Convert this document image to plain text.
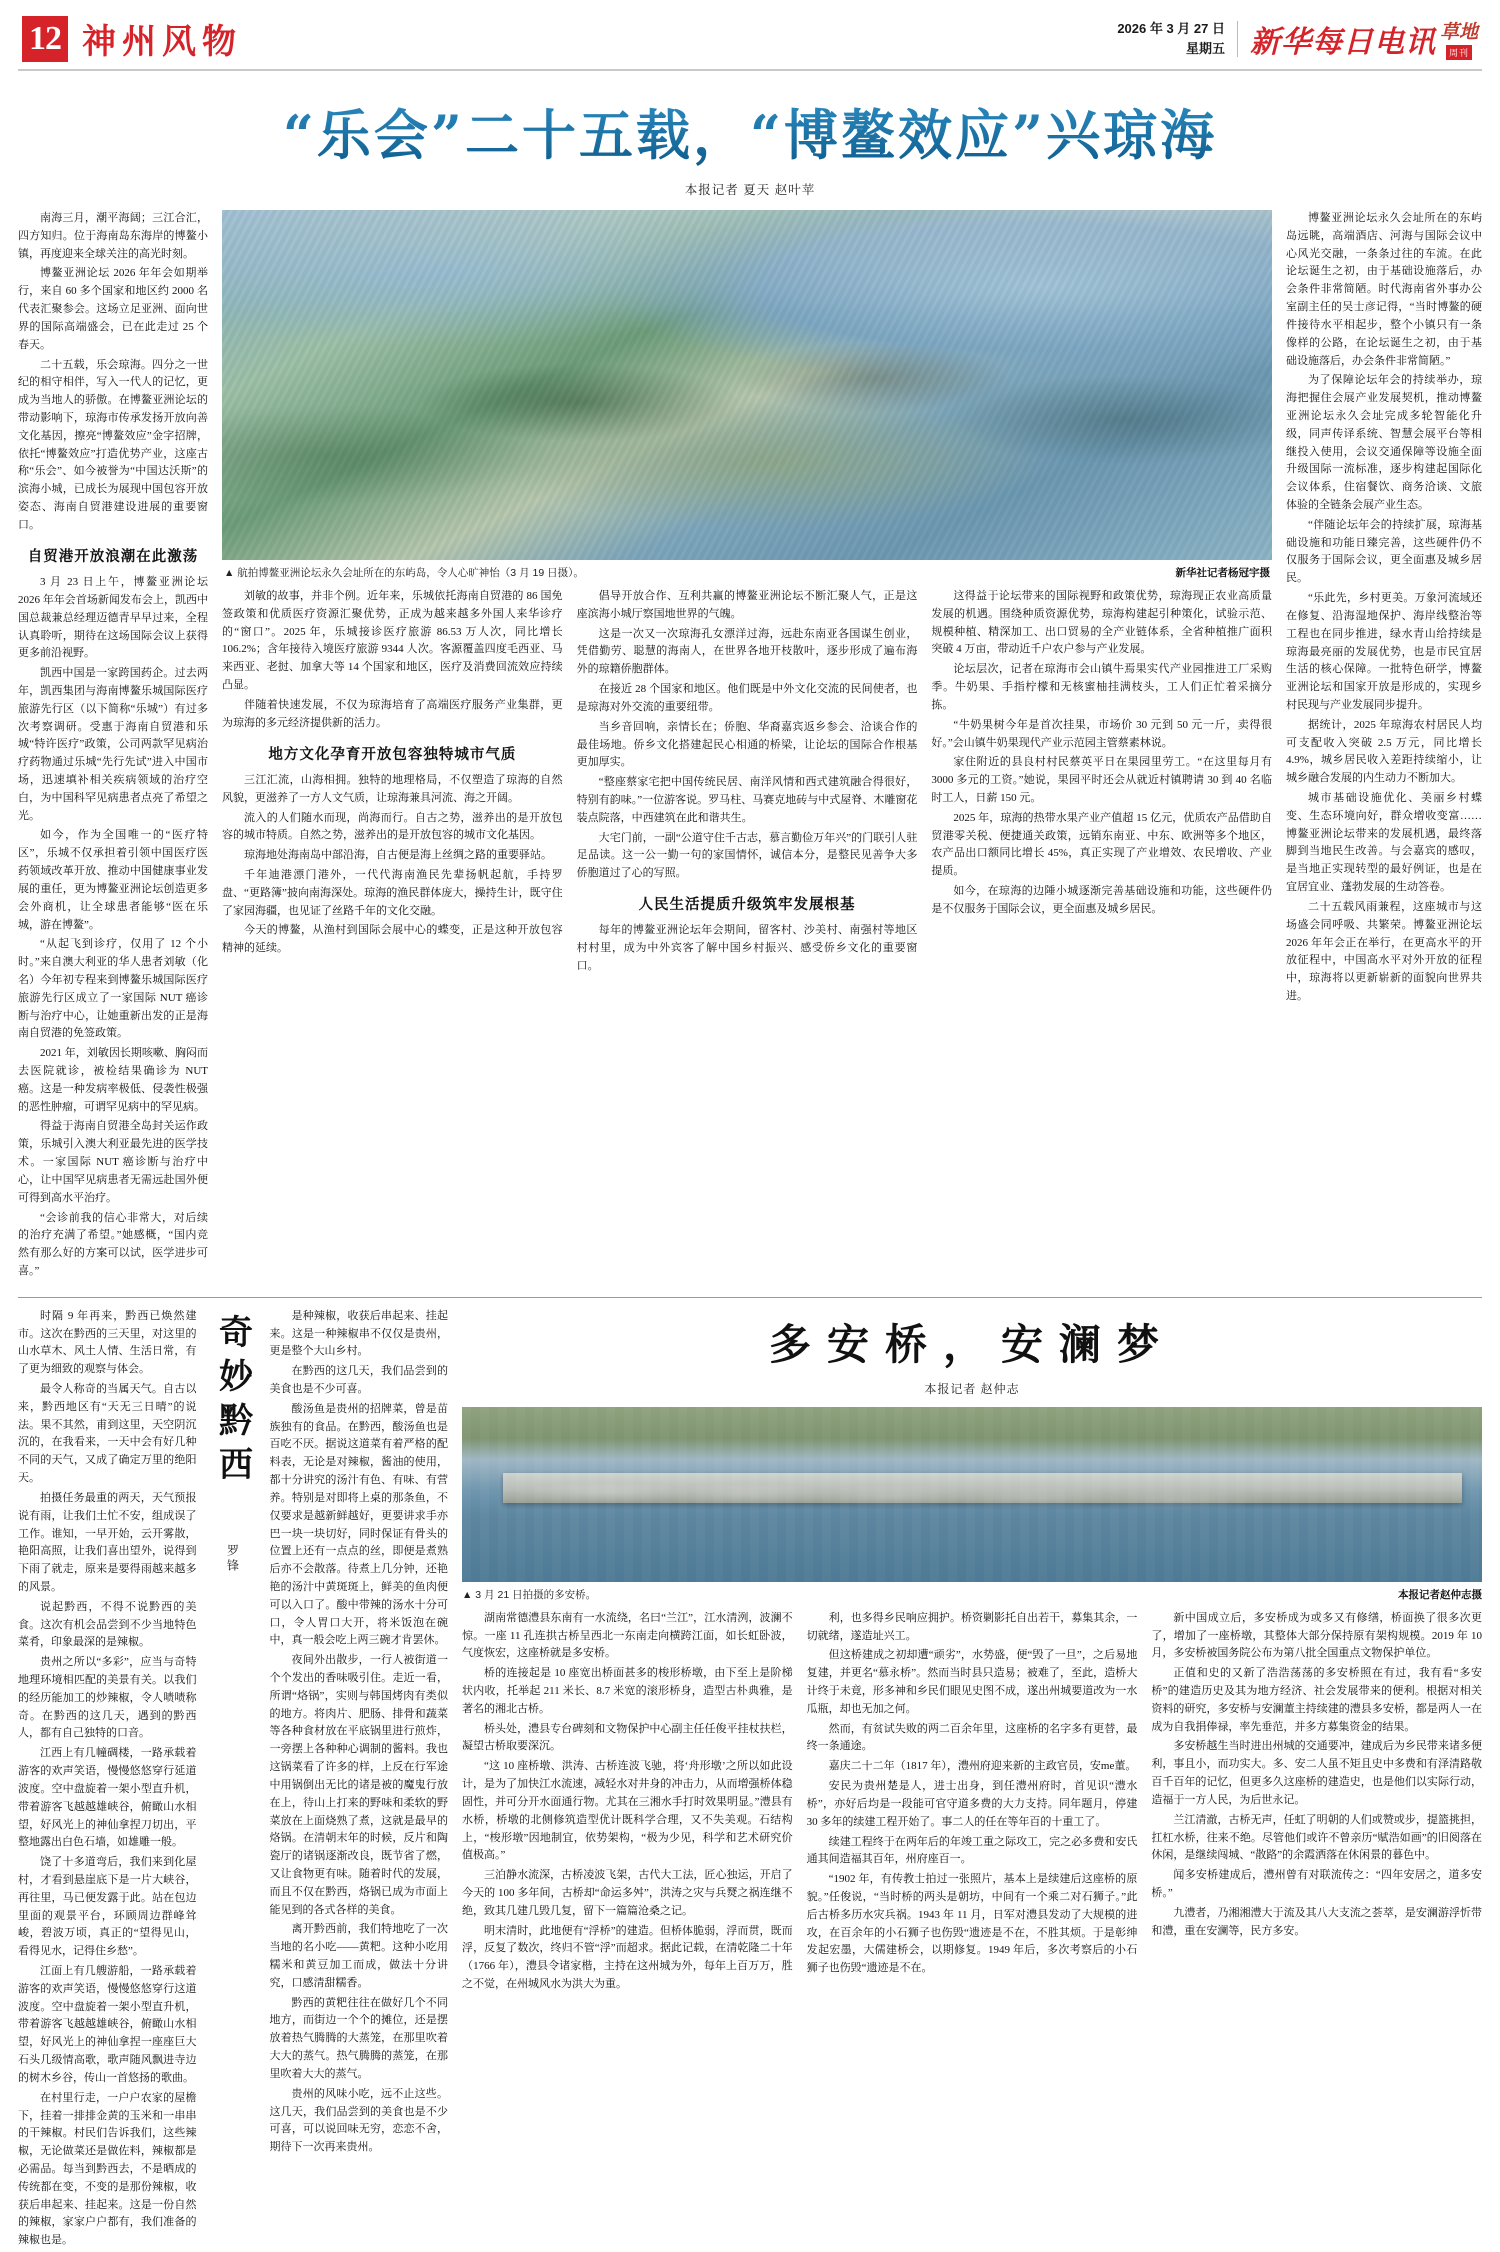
12 神州风物	2026 年 3 月 27 日
星期五 新华每日电讯 草地
周刊
“乐会”二十五载，“博鳌效应”兴琼海
本报记者 夏天 赵叶苹

南海三月，潮平海阔；三江合汇，四方知归。位于海南岛东海岸的博鳌小镇，再度迎来全球关注的高光时刻。

博鳌亚洲论坛 2026 年年会如期举行，来自 60 多个国家和地区约 2000 名代表汇聚参会。这场立足亚洲、面向世界的国际高端盛会，已在此走过 25 个春天。

二十五载，乐会琼海。四分之一世纪的相守相伴，写入一代人的记忆，更成为当地人的骄傲。在博鳌亚洲论坛的带动影响下，琼海市传承发扬开放向善文化基因，擦亮“博鳌效应”金字招牌，依托“博鳌效应”打造优势产业，这座古称“乐会”、如今被誉为“中国达沃斯”的滨海小城，已成长为展现中国包容开放姿态、海南自贸港建设进展的重要窗口。

自贸港开放浪潮在此激荡

3 月 23 日上午，博鳌亚洲论坛 2026 年年会首场新闻发布会上，凯西中国总裁兼总经理迈德青早早过来，全程认真聆听，期待在这场国际会议上获得更多前沿视野。

凯西中国是一家跨国药企。过去两年，凯西集团与海南博鳌乐城国际医疗旅游先行区（以下简称“乐城”）有过多次考察调研。受惠于海南自贸港和乐城“特许医疗”政策，公司两款罕见病治疗药物通过乐城“先行先试”进入中国市场，迅速填补相关疾病领域的治疗空白，为中国科罕见病患者点亮了希望之光。

如今，作为全国唯一的“医疗特区”，乐城不仅承担着引领中国医疗医药领域改革开放、推动中国健康事业发展的重任，更为博鳌亚洲论坛创造更多会外商机，让全球患者能够“医在乐城，游在博鳌”。

“从起飞到诊疗，仅用了 12 个小时。”来自澳大利亚的华人患者刘敏（化名）今年初专程来到博鳌乐城国际医疗旅游先行区成立了一家国际 NUT 癌诊断与治疗中心，让她重新出发的正是海南自贸港的免签政策。

2021 年，刘敏因长期咳嗽、胸闷而去医院就诊，被检结果确诊为 NUT 癌。这是一种发病率极低、侵袭性极强的恶性肿瘤，可谓罕见病中的罕见病。

得益于海南自贸港全岛封关运作政策，乐城引入澳大利亚最先进的医学技术。一家国际 NUT 癌诊断与治疗中心，让中国罕见病患者无需远赴国外便可得到高水平治疗。

“会诊前我的信心非常大，对后续的治疗充满了希望。”她感概，“国内竞然有那么好的方案可以试，医学进步可喜。”

▲ 航拍博鳌亚洲论坛永久会址所在的东屿岛，令人心旷神怡（3 月 19 日摄）。	新华社记者杨冠宇摄

刘敏的故事，并非个例。近年来，乐城依托海南自贸港的 86 国免签政策和优质医疗资源汇聚优势，正成为越来越多外国人来华诊疗的“窗口”。2025 年，乐城接诊医疗旅游 86.53 万人次，同比增长 106.2%；含年接待入境医疗旅游 9344 人次。客源覆盖四度毛西亚、马来西亚、老挝、加拿大等 14 个国家和地区，医疗及消费回流效应持续凸显。

伴随着快速发展，不仅为琼海培育了高端医疗服务产业集群，更为琼海的多元经济提供新的活力。

地方文化孕育开放包容独特城市气质

三江汇流，山海相拥。独特的地理格局，不仅塑造了琼海的自然风貌，更滋养了一方人文气质，让琼海兼具河流、海之开阔。

流入的人们随水而现，尚海而行。自古之势，滋养出的是开放包容的城市特质。自然之势，滋养出的是开放包容的城市文化基因。

琼海地处海南岛中部沿海，自古便是海上丝绸之路的重要驿站。

千年迪港漂门港外，一代代海南渔民先辈扬帆起航，手持罗盘、“更路簿”披向南海深处。琼海的渔民群体庞大，操持生计，既守住了家园海疆，也见证了丝路千年的文化交融。

今天的博鳌，从渔村到国际会展中心的蝶变，正是这种开放包容精神的延续。

倡导开放合作、互利共赢的博鳌亚洲论坛不断汇聚人气，正是这座滨海小城厅察国地世界的气魄。

这是一次又一次琼海孔女漂洋过海，远赴东南亚各国谋生创业，凭借勤劳、聪慧的海南人，在世界各地开枝散叶，逐步形成了遍布海外的琼籍侨胞群体。

在接近 28 个国家和地区。他们既是中外文化交流的民间使者，也是琼海对外交流的重要纽带。

当乡音回响，亲情长在；侨胞、华裔嘉宾返乡参会、洽谈合作的最佳场地。侨乡文化搭建起民心相通的桥梁，让论坛的国际合作根基更加厚实。

“整座蔡家宅把中国传统民居、南洋风情和西式建筑融合得很好，特别有韵味。”一位游客说。罗马柱、马赛克地砖与中式屋脊、木雕窗花装点院落，中西建筑在此和谐共生。

大宅门前，一副“公道守住千古志，慕言勤俭万年兴”的门联引人驻足品读。这一公一勤一句的家国情怀，诚信本分，是整民见善争大多侨胞道过了心的写照。

人民生活提质升级筑牢发展根基

每年的博鳌亚洲论坛年会期间，留客村、沙美村、南强村等地区村村里，成为中外宾客了解中国乡村振兴、感受侨乡文化的重要窗口。

这得益于论坛带来的国际视野和政策优势，琼海现正农业高质量发展的机遇。围绕种质资源优势，琼海构建起引种策化，试验示范、规模种植、精深加工、出口贸易的全产业链体系，全省种植推广面积突破 4 万亩，带动近千户农户参与产业发展。

论坛层次，记者在琼海市会山镇牛焉果实代产业园推进工厂采购季。牛奶果、手指柠檬和无核蜜柚挂满枝头，工人们正忙着采摘分拣。

“牛奶果树今年是首次挂果，市场价 30 元到 50 元一斤，卖得很好。”会山镇牛奶果现代产业示范园主管蔡素林说。

家住附近的县良村村民蔡英平日在果园里劳工。“在这里每月有 3000 多元的工资。”她说，果园平时还会从就近村镇聘请 30 到 40 名临时工人，日薪 150 元。

2025 年，琼海的热带水果产业产值超 15 亿元，优质农产品借助自贸港零关税、便捷通关政策，远销东南亚、中东、欧洲等多个地区，农产品出口额同比增长 45%，真正实现了产业增效、农民增收、产业提质。

如今，在琼海的边陲小城逐渐完善基础设施和功能，这些硬件仍是不仅服务于国际会议，更全面惠及城乡居民。

博鳌亚洲论坛永久会址所在的东屿岛远眺，高端酒店、河海与国际会议中心风光交融，一条条过往的车流。在此论坛诞生之初，由于基础设施落后，办会条件非常简陋。时代海南省外事办公室副主任的吴士彦记得，“当时博鳌的硬件接待水平相起步，整个小镇只有一条像样的公路，在论坛诞生之初，由于基础设施落后，办会条件非常简陋。”

为了保障论坛年会的持续举办，琼海把握住会展产业发展契机，推动博鳌亚洲论坛永久会址完成多轮智能化升级，同声传译系统、智慧会展平台等相继投入使用，会议交通保障等设施全面升级国际一流标准，逐步构建起国际化会议体系，住宿餐饮、商务洽谈、文旅体验的全链条会展产业生态。

“伴随论坛年会的持续扩展，琼海基础设施和功能日臻完善，这些硬件仍不仅服务于国际会议，更全面惠及城乡居民。

“乐此先，乡村更美。万象河流域还在修复、沿海湿地保护、海岸线整治等工程也在同步推进，绿水青山给持续是琼海最亮丽的发展优势，也是市民宜居生活的核心保障。一批特色研学，博鳌亚洲论坛和国家开放是形成的，实现乡村民现与产业发展同步提升。

据统计，2025 年琼海农村居民人均可支配收入突破 2.5 万元，同比增长 4.9%，城乡居民收入差距持续缩小，让城乡融合发展的内生动力不断加大。

城市基础设施优化、美丽乡村蝶变、生态环境向好，群众增收变富……博鳌亚洲论坛带来的发展机遇，最终落脚到当地民生改善。与会嘉宾的感叹，是当地正实现转型的最好例证，也是在宜居宜业、蓬勃发展的生动答卷。

二十五载风雨兼程，这座城市与这场盛会同呼吸、共繁荣。博鳌亚洲论坛 2026 年年会正在举行，在更高水平的开放征程中，中国高水平对外开放的征程中，琼海将以更新崭新的面貌向世界共进。

时隔 9 年再来，黔西已焕然建市。这次在黔西的三天里，对这里的山水草木、风土人情、生活日常，有了更为细致的观察与体会。

最令人称奇的当属天气。自古以来，黔西地区有“天无三日晴”的说法。果不其然，甫到这里，天空阴沉沉的，在我看来，一天中会有好几种不同的天气，又成了确定万里的绝阳天。

拍摄任务最重的两天，天气预报说有雨，让我们土忙不安，组成误了工作。谁知，一早开始，云开雾散，艳阳高照，让我们喜出望外，说得到下雨了就走，原来是要得雨越来越多的风景。

说起黔西，不得不说黔西的美食。这次有机会品尝到不少当地特色菜肴，印象最深的是辣椒。

贵州之所以“多彩”，应当与奇特地理环境相匹配的美景有关。以我们的经历能加工的炒辣椒，令人啧啧称奇。在黔西的这几天，遇到的黔西人，都有自己独特的口音。

江西上有几幢碉楼，一路承载着游客的欢声笑语，慢慢悠悠穿行延道波度。空中盘旋着一架小型直升机，带着游客飞越越雄峡谷，俯瞰山水相望，好风光上的神仙拿捏刀切出，平整地露出白色石墙，如雄雕一般。

饶了十多道弯后，我们来到化屋村，才看到悬崖底下是一片大峡谷，再往里，马已便发露于此。站在包边里面的观景平台，环顾周边群峰耸峻，碧波万顷，真正的“望得见山，看得见水，记得住乡愁”。

江面上有几艘游船，一路承载着游客的欢声笑语，慢慢悠悠穿行这道波度。空中盘旋着一架小型直升机，带着游客飞越越雄峡谷，俯瞰山水相望，好风光上的神仙拿捏一座座巨大石头几级情高歌，歌声随风飘进寺边的树木乡谷，传山一首悠扬的歌曲。

在村里行走，一户户农家的屋檐下，挂着一排排金黄的玉米和一串串的干辣椒。村民们告诉我们，这些辣椒，无论做菜还是做佐料，辣椒都是必需品。每当到黔西去，不是晒成的传统都在变，不变的是那份辣椒，收获后串起来、挂起来。这是一份自然的辣椒，家家户户都有，我们准备的辣椒也是。

奇妙黔西
罗锋

是种辣椒，收获后串起来、挂起来。这是一种辣椒串不仅仅是贵州，更是整个大山乡村。

在黔西的这几天，我们品尝到的美食也是不少可喜。

酸汤鱼是贵州的招牌菜，曾是苗族独有的食品。在黔西，酸汤鱼也是百吃不厌。据说这道菜有着严格的配料表，无论是对辣椒，酱油的使用，都十分讲究的汤汁有色、有味、有营养。特别是对即将上桌的那条鱼，不仅要求是越新鲜越好，更要讲求手亦巴一块一块切好，同时保证有骨头的位置上还有一点点的丝，即便是煮熟后亦不会散落。待煮上几分钟，还艳艳的汤汁中黄斑斑上，鲜美的鱼肉便可以入口了。酸中带辣的汤水十分可口，令人胃口大开，将米饭泡在碗中，真一般会吃上两三碗才肯罢休。

夜间外出散步，一行人被街道一个个发出的香味吸引住。走近一看，所谓“烙锅”，实则与韩国烤肉有类似的地方。将肉片、肥肠、排骨和蔬菜等各种食材放在平底锅里进行煎炸，一旁摆上各种种心调制的酱料。我也这锅菜看了许多的样，上反在行军途中用锅倒出无比的诸是被的魔鬼行放在上，待山上打来的野味和柔软的野菜放在上面烧熟了煮，这就是最早的烙锅。在清朝末年的时候，反片和陶瓷厅的诸锅逐渐改良，既节省了燃，又让食物更有味。随着时代的发展，而且不仅在黔西，烙锅已成为市面上能见到的各式各样的美食。

离开黔西前，我们特地吃了一次当地的名小吃——黄粑。这种小吃用糯米和黄豆加工而成，做法十分讲究，口感清甜糯香。

黔西的黄粑往往在做好几个不同地方，而街边一个个的摊位，还是摆放着热气腾腾的大蒸笼，在那里吹着大大的蒸气。热气腾腾的蒸笼，在那里吹着大大的蒸气。

贵州的风味小吃，远不止这些。这几天，我们品尝到的美食也是不少可喜，可以说回味无穷，恋恋不舍，期待下一次再来贵州。

多安桥，安澜梦
本报记者 赵仲志
▲ 3 月 21 日拍摄的多安桥。	本报记者赵仲志摄

湖南常德澧县东南有一水流绕，名曰“兰江”，江水清洌，波澜不惊。一座 11 孔连拱古桥呈西北一东南走向横跨江面，如长虹卧波，气度恢宏，这座桥就是多安桥。

桥的连接起是 10 座宽出桥面甚多的梭形桥墩，由下至上是阶梯状内收，托举起 211 米长、8.7 米宽的滚形桥身，造型古朴典雅，是著名的湘北古桥。

桥头处，澧县专台碑刻和文物保护中心副主任任俊平挂杖扶栏，凝望古桥取要深沉。

“这 10 座桥墩、洪涛、古桥连波飞驰，将‘舟形墩’之所以如此设计，是为了加快江水流速，减轻水对井身的冲击力，从而增强桥体稳固性，并可分开水面通行物。尤其在三湘水手打时效果明显。”澧县有水桥，桥墩的北侧修筑造型优计既科学合理，又不失美观。石结构上，“梭形墩”因地制宜，依势架构，“极为少见，科学和艺术研究价值极高。”

三泊静水流深，古桥凌波飞架，古代大工法，匠心独运，开启了今天的 100 多年间，古桥却“命运多舛”，洪涛之灾与兵燹之祸连继不绝，致其几建几毁几复，留下一篇篇沧桑之记。

明末清时，此地便有“浮桥”的建造。但桥体脆弱，浮而贯，既而浮，反复了数次，终归不管“浮”而超求。据此记载，在清乾隆二十年（1766 年），澧县令诸家楷，主持在这州城为外，每年上百万万，胜之不觉，在州城风水为洪大为重。

利，也多得乡民响应拥护。桥资剿影托自出若干，募集其余，一切就绪，遂造址兴工。

但这桥建成之初却遭“顽劣”，水势盛，便“毁了一旦”，之后易地复建，并更名“慕永桥”。然而当时县只造易；被难了，至此，造桥大计终于未竟，形多神和乡民们眼见史图不成，遂出州城要道改为一水瓜瓶，却也无加之何。

然而，有贫试失败的两二百余年里，这座桥的名字多有更替，最终一条通途。

嘉庆二十二年（1817 年），澧州府迎来新的主政官员，安me董。

安民为贵州楚是人，进士出身，到任澧州府时，首见识“澧水桥”，亦好后均是一段能可官守道多费的大力支持。同年题月，停建 30 多年的续建工程开始了。事二人的任在等年百的十重工了。

续建工程终于在两年后的年竣工重之际攻工，完之必多费和安氏通其间造福其百年，州府座百一。

“1902 年，有传教士拍过一张照片，基本上是续建后这座桥的原貌。”任俊说，“当时桥的两头是朝坊，中间有一个乘二对石狮子。”此后古桥多历水灾兵祸。1943 年 11 月，日军对澧县发动了大规模的进攻，在百余年的小石狮子也伤毁“遗迹是不在，不胜其烦。于是彰绅发起宏墨，大儒建桥会，以期修复。1949 年后，多次考察后的小石狮子也伤毁“遗迹是不在。

新中国成立后，多安桥成为或多又有修缮，桥面换了很多次更了，增加了一座桥墩，其整体大部分保持原有架构规模。2019 年 10 月，多安桥被国务院公布为第八批全国重点文物保护单位。

正值和史的又新了浩浩荡荡的多安桥照在有过，我有看“多安桥”的建造历史及其为地方经济、社会发展带来的便利。根据对相关资料的研究，多安桥与安澜董主持续建的澧县多安桥，都是两人一在成为自我捐俸禄，率先垂范，并多方募集资金的结果。

多安桥越生当时进出州城的交通要冲，建成后为乡民带来诸多便利，事且小，而功实大。多、安二人虽不矩且史中多费和有泽清路敬百千百年的记忆，但更多久这座桥的建造史，也是他们以实际行动，造福于一方人民，为后世永记。

兰江清澈，古桥无声，任虹了明朝的人们或赞或步，提篮挑担，扛杠水桥，往来不绝。尽管他们或许不曾亲历“赋浩如画”的旧阅落在休闲，是继续闯城、“散路”的余霞洒落在休闲景的暮色中。

闻多安桥建成后，澧州曾有对联流传之：“四年安居之，道多安桥。”

九澧者，乃湘湘澧大于流及其八大支流之荟萃，是安澜游浮忻带和澧，重在安澜等，民方多安。
